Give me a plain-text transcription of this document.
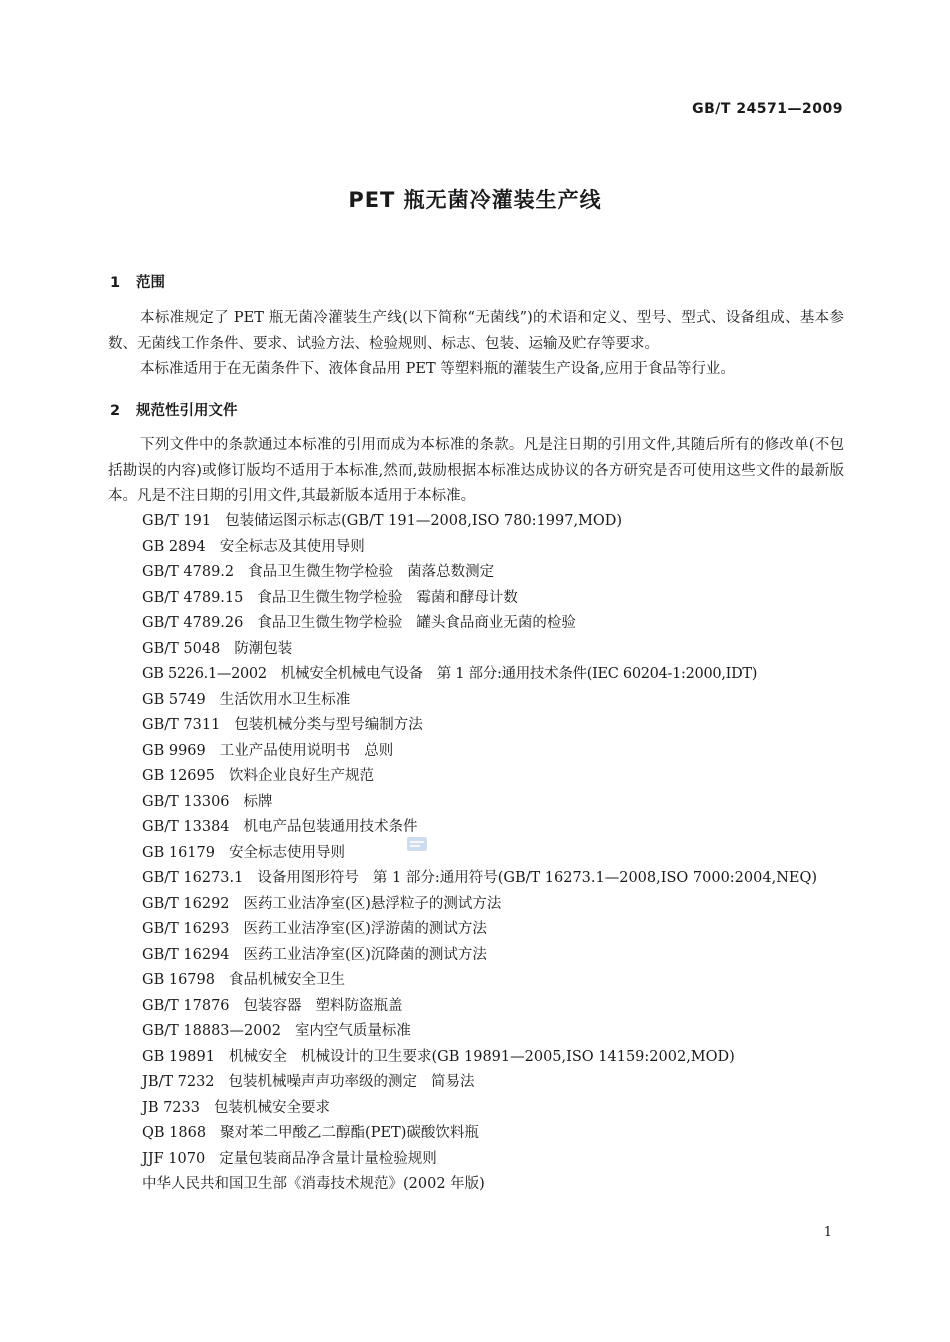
GB/T 24571—2009
PET 瓶无菌冷灌装生产线
1 范围
本标准规定了 PET 瓶无菌冷灌装生产线(以下简称“无菌线”)的术语和定义、型号、型式、设备组成、基本参数、无菌线工作条件、要求、试验方法、检验规则、标志、包装、运输及贮存等要求。
本标准适用于在无菌条件下、液体食品用 PET 等塑料瓶的灌装生产设备,应用于食品等行业。
2 规范性引用文件
下列文件中的条款通过本标准的引用而成为本标准的条款。凡是注日期的引用文件,其随后所有的修改单(不包括勘误的内容)或修订版均不适用于本标准,然而,鼓励根据本标准达成协议的各方研究是否可使用这些文件的最新版本。凡是不注日期的引用文件,其最新版本适用于本标准。
GB/T 191 包装储运图示标志(GB/T 191—2008,ISO 780:1997,MOD)
GB 2894 安全标志及其使用导则
GB/T 4789.2 食品卫生微生物学检验 菌落总数测定
GB/T 4789.15 食品卫生微生物学检验 霉菌和酵母计数
GB/T 4789.26 食品卫生微生物学检验 罐头食品商业无菌的检验
GB/T 5048 防潮包装
GB 5226.1—2002 机械安全机械电气设备 第 1 部分:通用技术条件(IEC 60204-1:2000,IDT)
GB 5749 生活饮用水卫生标准
GB/T 7311 包装机械分类与型号编制方法
GB 9969 工业产品使用说明书 总则
GB 12695 饮料企业良好生产规范
GB/T 13306 标牌
GB/T 13384 机电产品包装通用技术条件
GB 16179 安全标志使用导则
GB/T 16273.1 设备用图形符号 第 1 部分:通用符号(GB/T 16273.1—2008,ISO 7000:2004,NEQ)
GB/T 16292 医药工业洁净室(区)悬浮粒子的测试方法
GB/T 16293 医药工业洁净室(区)浮游菌的测试方法
GB/T 16294 医药工业洁净室(区)沉降菌的测试方法
GB 16798 食品机械安全卫生
GB/T 17876 包装容器 塑料防盗瓶盖
GB/T 18883—2002 室内空气质量标准
GB 19891 机械安全 机械设计的卫生要求(GB 19891—2005,ISO 14159:2002,MOD)
JB/T 7232 包装机械噪声声功率级的测定 简易法
JB 7233 包装机械安全要求
QB 1868 聚对苯二甲酸乙二醇酯(PET)碳酸饮料瓶
JJF 1070 定量包装商品净含量计量检验规则
中华人民共和国卫生部《消毒技术规范》(2002 年版)
1
